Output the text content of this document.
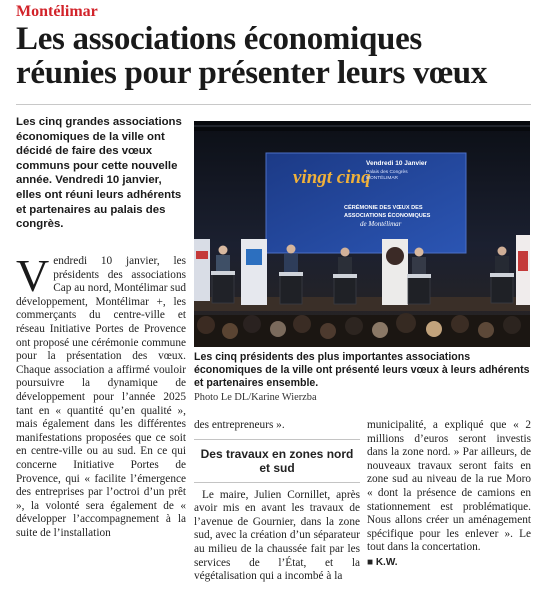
Montélimar
Les associations économiques
réunies pour présenter leurs vœux

Les cinq grandes associations économiques de la ville ont décidé de faire des vœux communs pour cette nouvelle année. Vendredi 10 janvier, elles ont réuni leurs adhérents et partenaires au palais des congrès.

Vendredi 10 janvier, les présidents des associations Cap au nord, Montélimar sud développement, Montélimar +, les commerçants du centre-ville et réseau Initiative Portes de Provence ont proposé une cérémonie commune pour la présentation des vœux. Chaque association a affirmé vouloir poursuivre la dynamique de développement pour l’année 2025 tant en « quantité qu’en qualité », mais également dans les différentes manifestations proposées que ce soit en centre-ville ou au sud. En ce qui concerne Initiative Portes de Provence, qui « facilite l’émergence des entreprises par l’octroi d’un prêt », la volonté sera également de « développer l’accompagnement à la suite de l’installation
vingt cinq
Vendredi 10 Janvier
Palais des Congrès
MONTÉLIMAR
CÉRÉMONIE DES VŒUX DES
ASSOCIATIONS ÉCONOMIQUES
de Montélimar
Les cinq présidents des plus importantes associations économiques de la ville ont présenté leurs vœux à leurs adhérents et partenaires ensemble.
Photo Le DL/Karine Wierzba
des entrepreneurs ».
Des travaux en zones nord et sud
Le maire, Julien Cornillet, après avoir mis en avant les travaux de l’avenue de Gournier, dans la zone sud, avec la création d’un séparateur au milieu de la chaussée fait par les services de l’État, et la végétalisation qui a incombé à la
municipalité, a expliqué que « 2 millions d’euros seront investis dans la zone nord. » Par ailleurs, de nouveaux travaux seront faits en zone sud au niveau de la rue Moro « dont la présence de camions en stationnement est problématique. Nous allons créer un aménagement spécifique pour les enlever ». Le tout dans la concertation.
■ K.W.
